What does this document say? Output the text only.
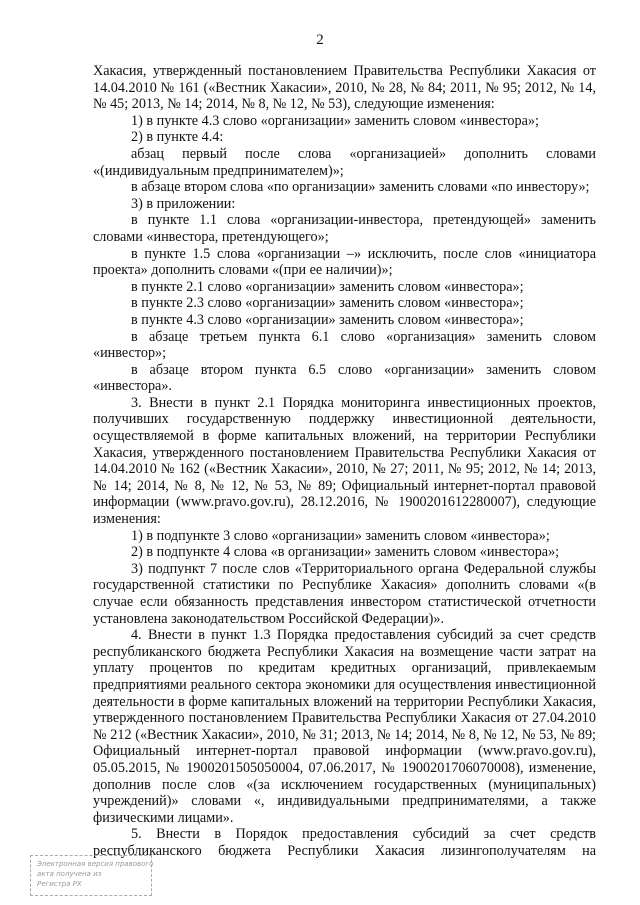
2

Хакасия, утвержденный постановлением Правительства Республики Хакасия от 14.04.2010 № 161 («Вестник Хакасии», 2010, № 28, № 84; 2011, № 95; 2012, № 14, № 45; 2013, № 14; 2014, № 8, № 12, № 53), следующие изменения:

1) в пункте 4.3 слово «организации» заменить словом «инвестора»;

2) в пункте 4.4:

абзац первый после слова «организацией» дополнить словами «(индивидуальным предпринимателем)»;

в абзаце втором слова «по организации» заменить словами «по инвестору»;

3) в приложении:

в пункте 1.1 слова «организации-инвестора, претендующей» заменить словами «инвестора, претендующего»;

в пункте 1.5 слова «организации –» исключить, после слов «инициатора проекта» дополнить словами «(при ее наличии)»;

в пункте 2.1 слово «организации» заменить словом «инвестора»;

в пункте 2.3 слово «организации» заменить словом «инвестора»;

в пункте 4.3 слово «организации» заменить словом «инвестора»;

в абзаце третьем пункта 6.1 слово «организация» заменить словом «инвестор»;

в абзаце втором пункта 6.5 слово «организации» заменить словом «инвестора».

3. Внести в пункт 2.1 Порядка мониторинга инвестиционных проектов, получивших государственную поддержку инвестиционной деятельности, осуществляемой в форме капитальных вложений, на территории Республики Хакасия, утвержденного постановлением Правительства Республики Хакасия от 14.04.2010 № 162 («Вестник Хакасии», 2010, № 27; 2011, № 95; 2012, № 14; 2013, № 14; 2014, № 8, № 12, № 53, № 89; Официальный интернет-портал правовой информации (www.pravo.gov.ru), 28.12.2016, № 1900201612280007), следующие изменения:

1) в подпункте 3 слово «организации» заменить словом «инвестора»;

2) в подпункте 4 слова «в организации» заменить словом «инвестора»;

3) подпункт 7 после слов «Территориального органа Федеральной службы государственной статистики по Республике Хакасия» дополнить словами «(в случае если обязанность представления инвестором статистической отчетности установлена законодательством Российской Федерации)».

4. Внести в пункт 1.3 Порядка предоставления субсидий за счет средств республиканского бюджета Республики Хакасия на возмещение части затрат на уплату процентов по кредитам кредитных организаций, привлекаемым предприятиями реального сектора экономики для осуществления инвестиционной деятельности в форме капитальных вложений на территории Республики Хакасия, утвержденного постановлением Правительства Республики Хакасия от 27.04.2010 № 212 («Вестник Хакасии», 2010, № 31; 2013, № 14; 2014, № 8, № 12, № 53, № 89; Официальный интернет-портал правовой информации (www.pravo.gov.ru), 05.05.2015, № 1900201505050004, 07.06.2017, № 1900201706070008), изменение, дополнив после слов «(за исключением государственных (муниципальных) учреждений)» словами «, индивидуальными предпринимателями, а также физическими лицами».

5. Внести в Порядок предоставления субсидий за счет средств республиканского бюджета Республики Хакасия лизингополучателям на

Электронная версия правового
акта получена из
Регистра РХ
